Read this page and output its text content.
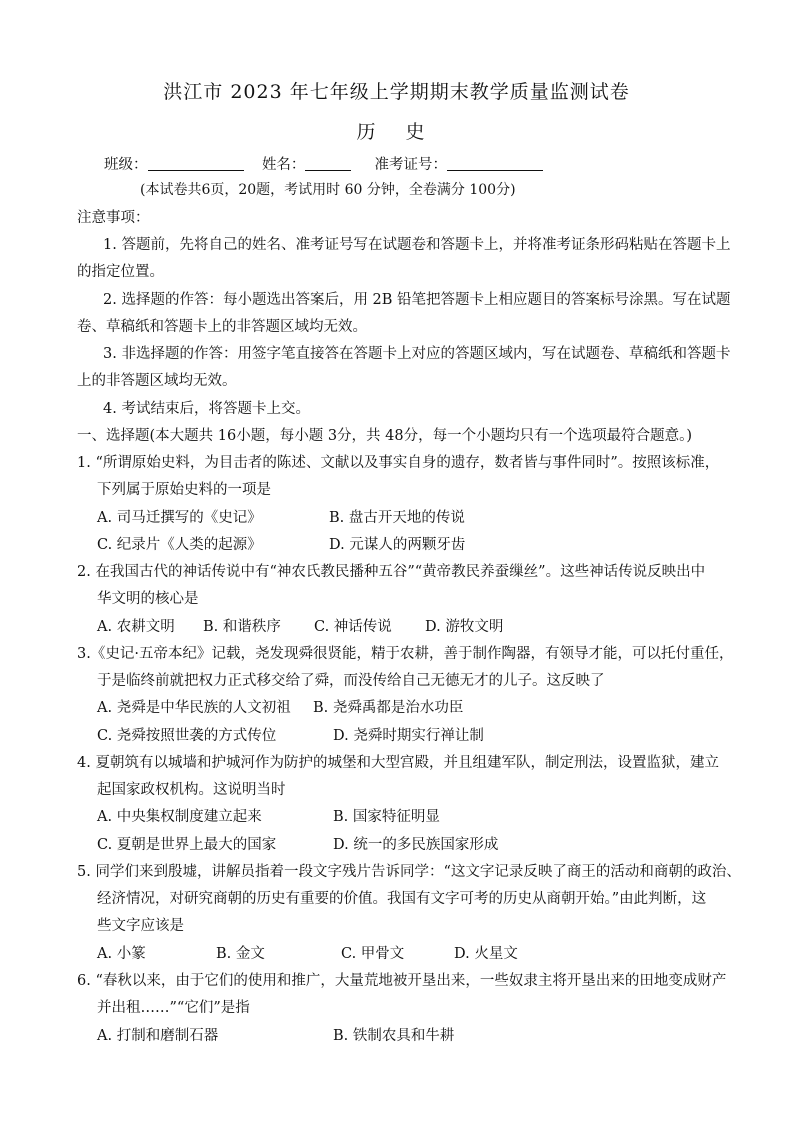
洪江市 2023 年七年级上学期期末教学质量监测试卷
历 史
班级：	姓名：	准考证号：
(本试卷共6页，20题，考试用时 60 分钟，全卷满分 100分)
注意事项：
1. 答题前，先将自己的姓名、准考证号写在试题卷和答题卡上，并将准考证条形码粘贴在答题卡上
的指定位置。
2. 选择题的作答：每小题选出答案后，用 2B 铅笔把答题卡上相应题目的答案标号涂黑。写在试题
卷、草稿纸和答题卡上的非答题区域均无效。
3. 非选择题的作答：用签字笔直接答在答题卡上对应的答题区域内，写在试题卷、草稿纸和答题卡
上的非答题区域均无效。
4. 考试结束后，将答题卡上交。
一、选择题(本大题共 16小题，每小题 3分，共 48分，每一个小题均只有一个选项最符合题意。)
1. “所谓原始史料，为目击者的陈述、文献以及事实自身的遗存，数者皆与事件同时”。按照该标准，
下列属于原始史料的一项是
A. 司马迁撰写的《史记》	B. 盘古开天地的传说
C. 纪录片《人类的起源》	D. 元谋人的两颗牙齿
2. 在我国古代的神话传说中有“神农氏教民播种五谷”“黄帝教民养蚕缫丝”。这些神话传说反映出中
华文明的核心是
A. 农耕文明 B. 和谐秩序 C. 神话传说 D. 游牧文明
3.《史记·五帝本纪》记载，尧发现舜很贤能，精于农耕，善于制作陶器，有领导才能，可以托付重任，
于是临终前就把权力正式移交给了舜，而没传给自己无德无才的儿子。这反映了
A. 尧舜是中华民族的人文初祖 B. 尧舜禹都是治水功臣
C. 尧舜按照世袭的方式传位	D. 尧舜时期实行禅让制
4. 夏朝筑有以城墙和护城河作为防护的城堡和大型宫殿，并且组建军队，制定刑法，设置监狱，建立
起国家政权机构。这说明当时
A. 中央集权制度建立起来	B. 国家特征明显
C. 夏朝是世界上最大的国家	D. 统一的多民族国家形成
5. 同学们来到殷墟，讲解员指着一段文字残片告诉同学：“这文字记录反映了商王的活动和商朝的政治、
经济情况，对研究商朝的历史有重要的价值。我国有文字可考的历史从商朝开始。”由此判断，这
些文字应该是
A. 小篆	B. 金文	C. 甲骨文	D. 火星文
6. “春秋以来，由于它们的使用和推广，大量荒地被开垦出来，一些奴隶主将开垦出来的田地变成财产
并出租……”“它们”是指
A. 打制和磨制石器	B. 铁制农具和牛耕
